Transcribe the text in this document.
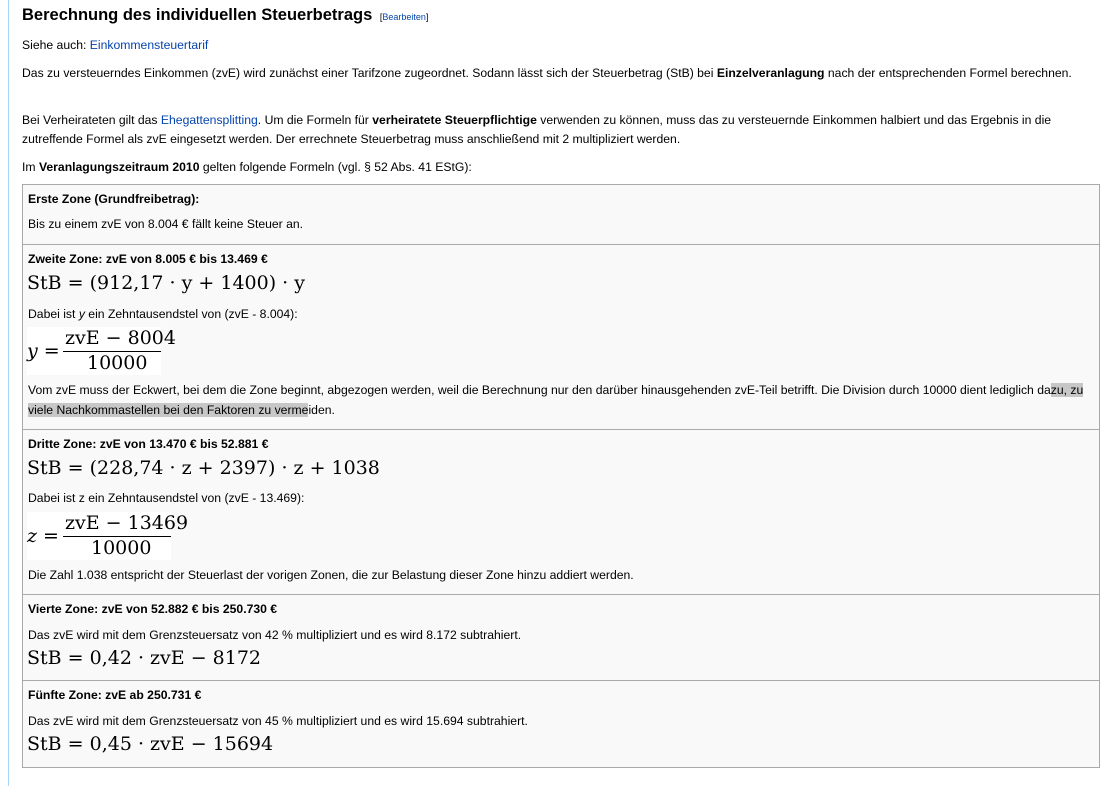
Berechnung des individuellen Steuerbetrags [Bearbeiten]

Siehe auch: Einkommensteuertarif

Das zu versteuerndes Einkommen (zvE) wird zunächst einer Tarifzone zugeordnet. Sodann lässt sich der Steuerbetrag (StB) bei Einzelveranlagung nach der entsprechenden Formel berechnen.

Bei Verheirateten gilt das Ehegattensplitting. Um die Formeln für verheiratete Steuerpflichtige verwenden zu können, muss das zu versteuernde Einkommen halbiert und das Ergebnis in die zutreffende Formel als zvE eingesetzt werden. Der errechnete Steuerbetrag muss anschließend mit 2 multipliziert werden.

Im Veranlagungszeitraum 2010 gelten folgende Formeln (vgl. § 52 Abs. 41 EStG):

Erste Zone (Grundfreibetrag):
Bis zu einem zvE von 8.004 € fällt keine Steuer an.
Zweite Zone: zvE von 8.005 € bis 13.469 €
StB = (912,17 · y + 1400) · y
Dabei ist y ein Zehntausendstel von (zvE - 8.004):
y =
zvE − 8004
10000
Vom zvE muss der Eckwert, bei dem die Zone beginnt, abgezogen werden, weil die Berechnung nur den darüber hinausgehenden zvE-Teil betrifft. Die Division durch 10000 dient lediglich dazu, zu viele Nachkommastellen bei den Faktoren zu vermeiden.
Dritte Zone: zvE von 13.470 € bis 52.881 €
StB = (228,74 · z + 2397) · z + 1038
Dabei ist z ein Zehntausendstel von (zvE - 13.469):
z =
zvE − 13469
10000
Die Zahl 1.038 entspricht der Steuerlast der vorigen Zonen, die zur Belastung dieser Zone hinzu addiert werden.
Vierte Zone: zvE von 52.882 € bis 250.730 €
Das zvE wird mit dem Grenzsteuersatz von 42 % multipliziert und es wird 8.172 subtrahiert.
StB = 0,42 · zvE − 8172
Fünfte Zone: zvE ab 250.731 €
Das zvE wird mit dem Grenzsteuersatz von 45 % multipliziert und es wird 15.694 subtrahiert.
StB = 0,45 · zvE − 15694
